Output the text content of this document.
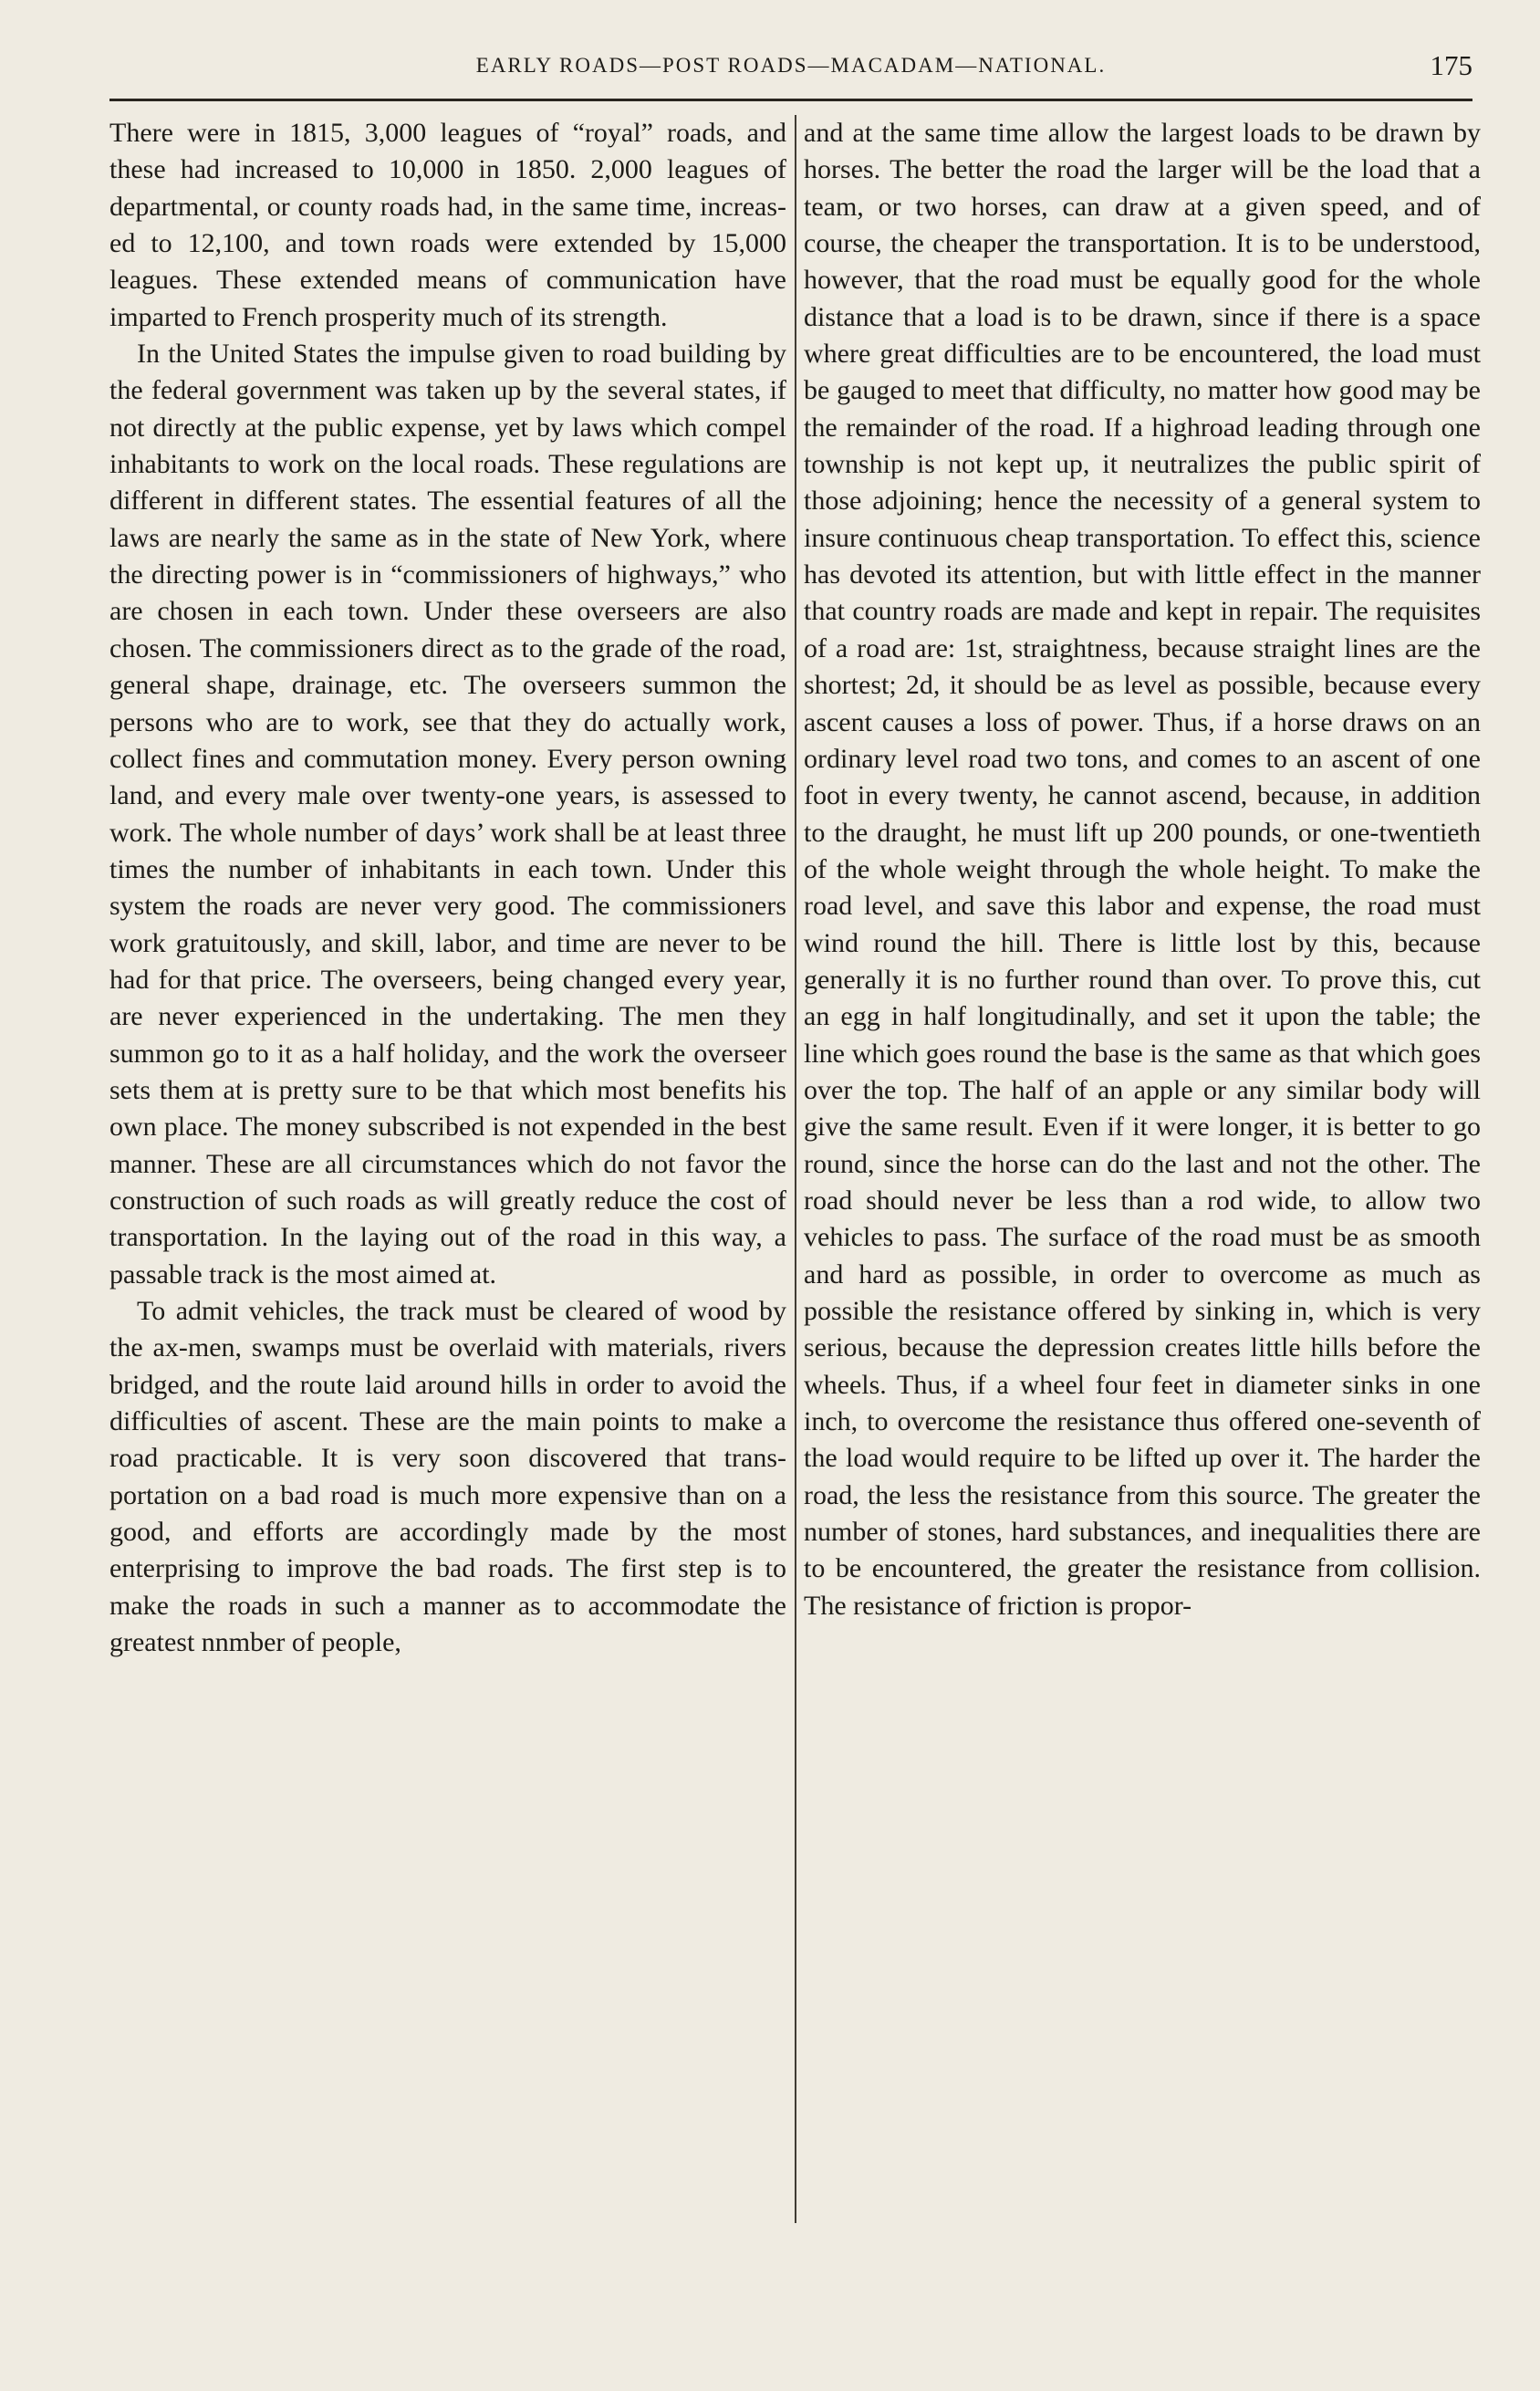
EARLY ROADS—POST ROADS—MACADAM—NATIONAL.	175

There were in 1815, 3,000 leagues of “royal” roads, and these had increased to 10,000 in 1850. 2,000 leagues of departmental, or county roads had, in the same time, increased to 12,100, and town roads were extended by 15,000 leagues. These extended means of communication have imparted to French prosperity much of its strength.

In the United States the impulse given to road building by the federal government was taken up by the several states, if not directly at the public expense, yet by laws which compel inhabitants to work on the local roads. These regulations are different in different states. The essential features of all the laws are nearly the same as in the state of New York, where the directing power is in “commissioners of highways,” who are chosen in each town. Under these overseers are also chosen. The commissioners direct as to the grade of the road, general shape, drainage, etc. The overseers summon the persons who are to work, see that they do actually work, collect fines and commutation money. Every person owning land, and every male over twenty-one years, is assessed to work. The whole number of days’ work shall be at least three times the number of inhabitants in each town. Under this system the roads are never very good. The commissioners work gratuitously, and skill, labor, and time are never to be had for that price. The overseers, being changed every year, are never experienced in the undertaking. The men they summon go to it as a half holiday, and the work the overseer sets them at is pretty sure to be that which most benefits his own place. The money subscribed is not expended in the best manner. These are all circumstances which do not favor the construction of such roads as will greatly reduce the cost of transportation. In the laying out of the road in this way, a passable track is the most aimed at.

To admit vehicles, the track must be cleared of wood by the ax-men, swamps must be overlaid with materials, rivers bridged, and the route laid around hills in order to avoid the difficulties of ascent. These are the main points to make a road practicable. It is very soon discovered that transportation on a bad road is much more expensive than on a good, and efforts are accordingly made by the most enterprising to improve the bad roads. The first step is to make the roads in such a manner as to accommodate the greatest nnmber of people,

and at the same time allow the largest loads to be drawn by horses. The better the road the larger will be the load that a team, or two horses, can draw at a given speed, and of course, the cheaper the transportation. It is to be understood, however, that the road must be equally good for the whole distance that a load is to be drawn, since if there is a space where great difficulties are to be encountered, the load must be gauged to meet that difficulty, no matter how good may be the remainder of the road. If a highroad leading through one township is not kept up, it neutralizes the public spirit of those adjoining; hence the necessity of a general system to insure continuous cheap transportation. To effect this, science has devoted its attention, but with little effect in the manner that country roads are made and kept in repair. The requisites of a road are: 1st, straightness, because straight lines are the shortest; 2d, it should be as level as possible, because every ascent causes a loss of power. Thus, if a horse draws on an ordinary level road two tons, and comes to an ascent of one foot in every twenty, he cannot ascend, because, in addition to the draught, he must lift up 200 pounds, or one-twentieth of the whole weight through the whole height. To make the road level, and save this labor and expense, the road must wind round the hill. There is little lost by this, because generally it is no further round than over. To prove this, cut an egg in half longitudinally, and set it upon the table; the line which goes round the base is the same as that which goes over the top. The half of an apple or any similar body will give the same result. Even if it were longer, it is better to go round, since the horse can do the last and not the other. The road should never be less than a rod wide, to allow two vehicles to pass. The surface of the road must be as smooth and hard as possible, in order to overcome as much as possible the resistance offered by sinking in, which is very serious, because the depression creates little hills before the wheels. Thus, if a wheel four feet in diameter sinks in one inch, to overcome the resistance thus offered one-seventh of the load would require to be lifted up over it. The harder the road, the less the resistance from this source. The greater the number of stones, hard substances, and inequalities there are to be encountered, the greater the resistance from collision. The resistance of friction is propor-
